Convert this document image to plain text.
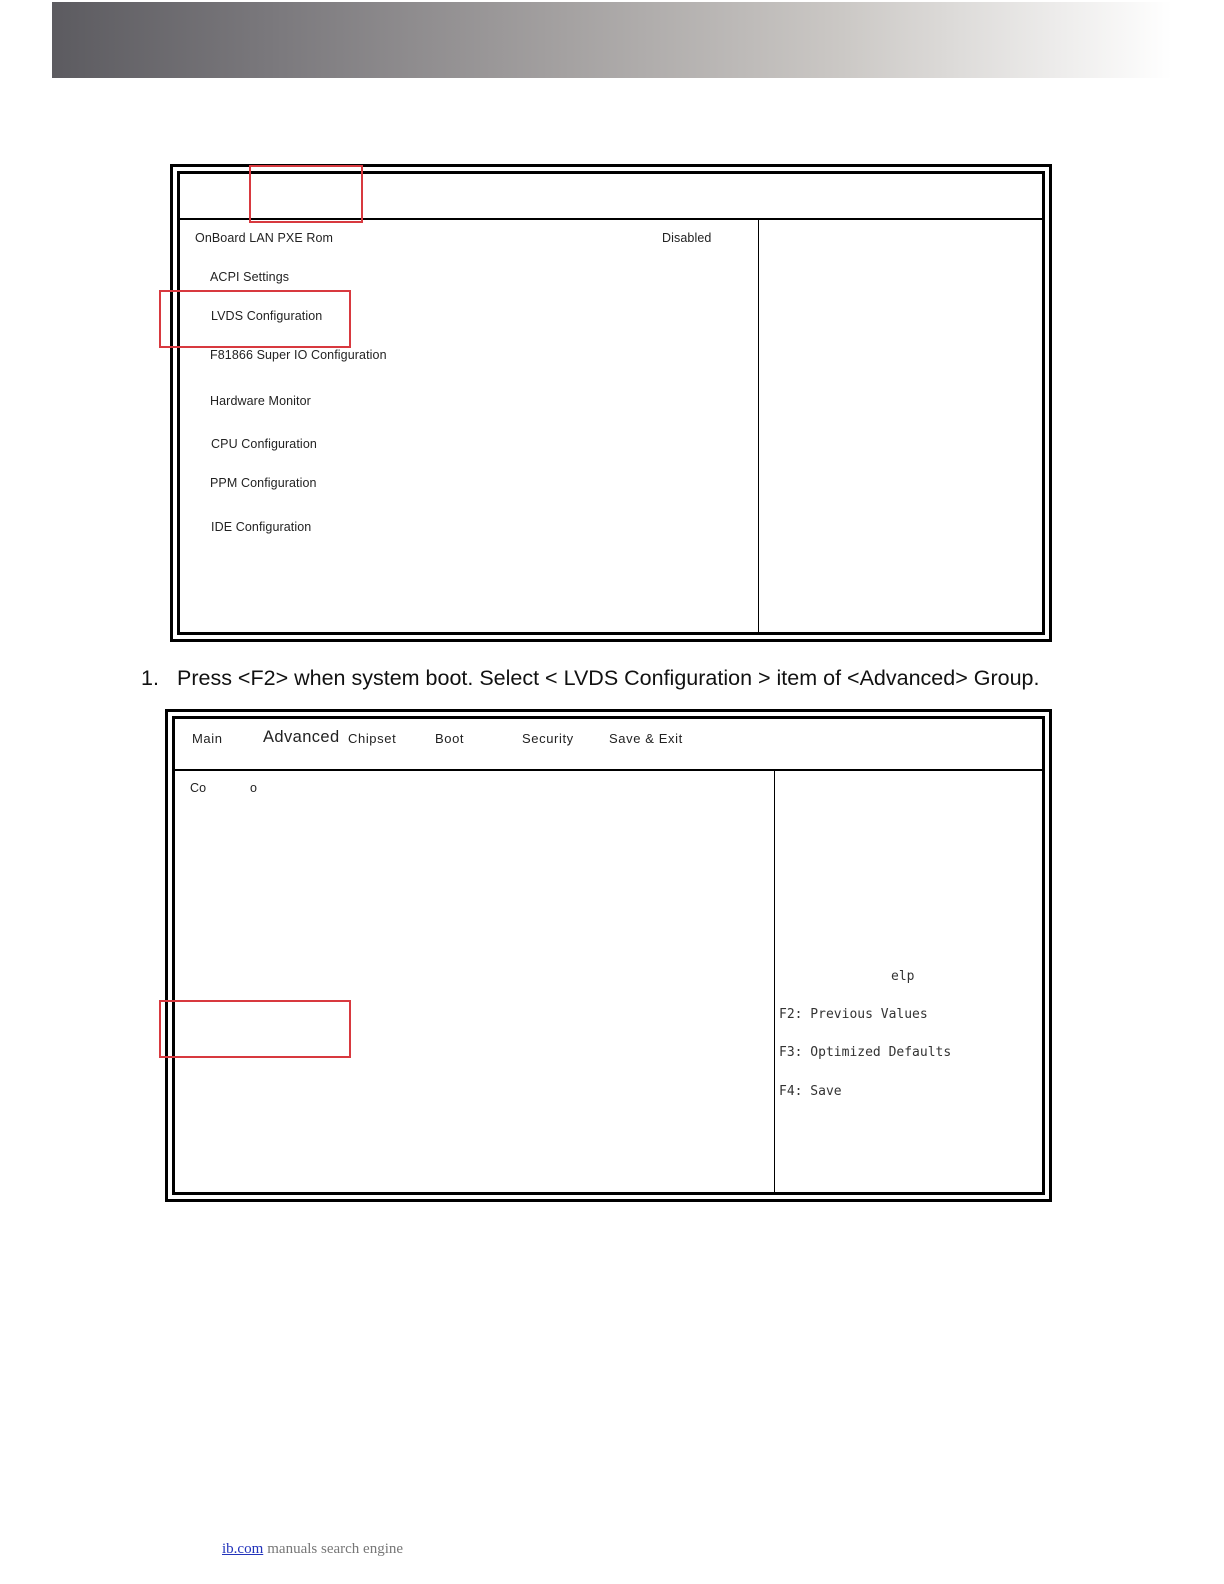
OnBoard LAN PXE Rom	Disabled
ACPI Settings
LVDS Configuration
F81866 Super IO Configuration
Hardware Monitor
CPU Configuration
PPM Configuration
IDE Configuration
1. Press <F2> when system boot. Select < LVDS Configuration > item of <Advanced> Group.
Main Advanced Chipset	Boot	Security	Save & Exit
Co	o
elp
F2: Previous Values
F3: Optimized Defaults
F4: Save
ib.com manuals search engine
